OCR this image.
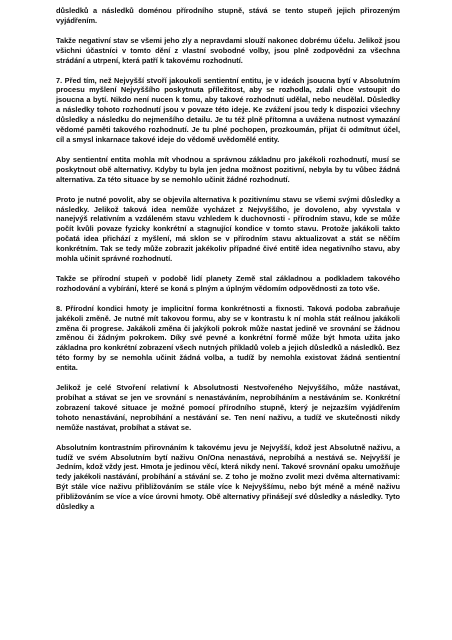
důsledků a následků doménou přírodního stupně, stává se tento stupeň jejich přirozeným vyjádřením.

Takže negativní stav se všemi jeho zly a nepravdami slouží nakonec dobrému účelu. Jelikož jsou všichni účastníci v tomto dění z vlastní svobodné volby, jsou plně zodpovědni za všechna strádání a utrpení, která patří k takovému rozhodnutí.

7. Před tím, než Nejvyšší stvoří jakoukoli sentientní entitu, je v ideách jsoucna bytí v Absolutním procesu myšlení Nejvyššího poskytnuta příležitost, aby se rozhodla, zdali chce vstoupit do jsoucna a bytí. Nikdo není nucen k tomu, aby takové rozhodnutí udělal, nebo neudělal. Důsledky a následky tohoto rozhodnutí jsou v povaze této ideje. Ke zvážení jsou tedy k dispozici všechny důsledky a následku do nejmenšího detailu. Je tu též plně přítomna a uvážena nutnost vymazání vědomé paměti takového rozhodnutí. Je tu plné pochopen, prozkoumán, přijat či odmítnut účel, cíl a smysl inkarnace takové ideje do vědomě uvědomělé entity.

Aby sentientní entita mohla mít vhodnou a správnou základnu pro jakékoli rozhodnutí, musí se poskytnout obě alternativy. Kdyby tu byla jen jedna možnost pozitivní, nebyla by tu vůbec žádná alternativa. Za této situace by se nemohlo učinit žádné rozhodnutí.

Proto je nutné povolit, aby se objevila alternativa k pozitivnímu stavu se všemi svými důsledky a následky. Jelikož taková idea nemůže vycházet z Nejvyššího, je dovoleno, aby vyvstala v nanejvýš relativním a vzdáleném stavu vzhledem k duchovnosti - přírodním stavu, kde se může počít kvůli povaze fyzicky konkrétní a stagnující kondice v tomto stavu. Protože jakákoli takto počatá idea přichází z myšlení, má sklon se v přírodním stavu aktualizovat a stát se něčím konkrétním. Tak se tedy může zobrazit jakékoliv případné čivé entitě idea negativního stavu, aby mohla učinit správné rozhodnutí.

Takže se přírodní stupeň v podobě lidí planety Země stal základnou a podkladem takového rozhodování a vybírání, které se koná s plným a úplným vědomím odpovědnosti za toto vše.

8. Přírodní kondici hmoty je implicitní forma konkrétnosti a fixnosti. Taková podoba zabraňuje jakékoli změně. Je nutné mít takovou formu, aby se v kontrastu k ní mohla stát reálnou jakákoli změna či progrese. Jakákoli změna či jakýkoli pokrok může nastat jedině ve srovnání se žádnou změnou či žádným pokrokem. Díky své pevné a konkrétní formě může být hmota užita jako základna pro konkrétní zobrazení všech nutných příkladů voleb a jejich důsledků a následků. Bez této formy by se nemohla učinit žádná volba, a tudíž by nemohla existovat žádná sentientní entita.

Jelikož je celé Stvoření relativní k Absolutnosti Nestvořeného Nejvyššího, může nastávat, probíhat a stávat se jen ve srovnání s nenastáváním, neprobíháním a nestáváním se. Konkrétní zobrazení takové situace je možné pomocí přírodního stupně, který je nejzazším vyjádřením tohoto nenastávání, neprobíhání a nestávání se. Ten není naživu, a tudíž ve skutečnosti nikdy nemůže nastávat, probíhat a stávat se.

Absolutním kontrastním přirovnáním k takovému jevu je Nejvyšší, kdož jest Absolutně naživu, a tudíž ve svém Absolutním bytí naživu On/Ona nenastává, neprobíhá a nestává se. Nejvyšší je Jedním, kdož vždy jest. Hmota je jedinou věcí, která nikdy není. Takové srovnání opaku umožňuje tedy jakékoli nastávání, probíhání a stávání se. Z toho je možno zvolit mezi dvěma alternativami: Být stále více naživu přibližováním se stále více k Nejvyššímu, nebo být méně a méně naživu přibližováním se více a více úrovni hmoty. Obě alternativy přinášejí své důsledky a následky. Tyto důsledky a
